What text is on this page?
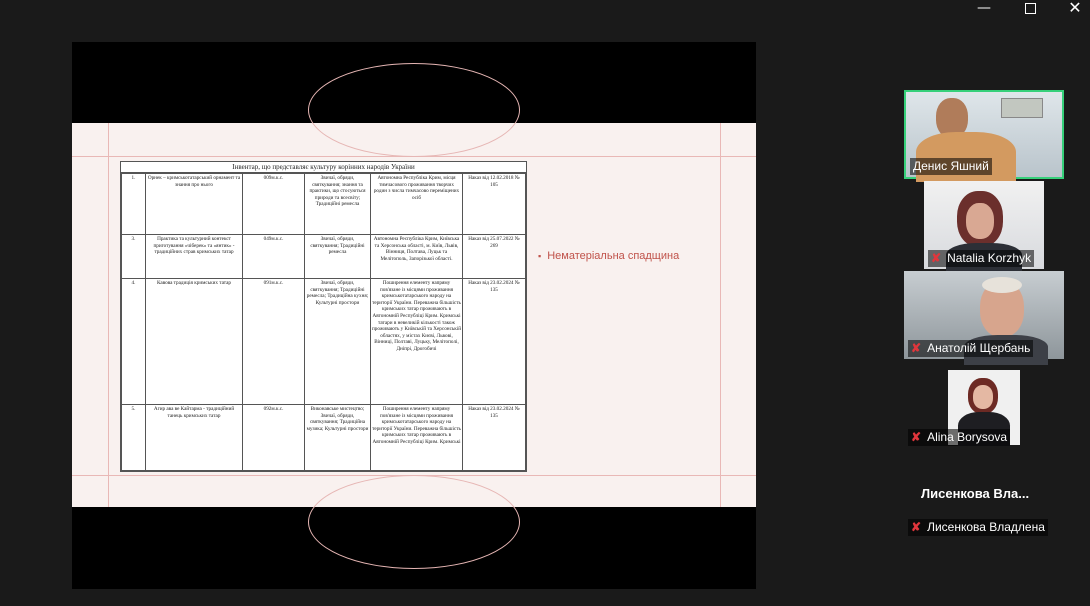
—	✕
Інвентар, що представляє культуру корінних народів України
1.	Орнек – кримськотатарський орнамент та знання про нього	009м.к.с.	Звичаї, обряди, святкування; знання та практики, що стосуються природи та всесвіту; Традиційні ремесла	Автономна Республіка Крим, місця тимчасового проживання творчих родин з числа тимчасово переміщених осіб	Наказ від 12.02.2018 № 105
3.	Практика та культурний контекст приготування «чіберек» та «янтик» - традиційних страв кримських татар	049м.к.с.	Звичаї, обряди, святкування; Традиційні ремесла	Автономна Республіка Крим, Київська та Херсонська області, м. Київ, Львів, Вінниця, Полтава, Луцьк та Мелітополь, Запорізької області.	Наказ від 25.07.2022 № 269
4.	Кавова традиція кримських татар	091м.к.с.	Звичаї, обряди, святкування; Традиційні ремесла; Традиційна кухня; Культурні простори	Поширення елементу напряму пов'язане із місцями проживання кримськотатарського народу на території України. Переважна більшість кримських татар проживають в Автономній Республіці Крим. Кримські татари в невеликій кількості також проживають у Київській та Херсонській областях, у містах Києві, Львові, Вінниці, Полтаві, Луцьку, Мелітополі, Дніпрі, Дрогобичі	Наказ від 23.02.2024 № 135
5.	Агир ава ве Кайтарма - традиційний танець кримських татар	092м.к.с.	Виконавське мистецтво; Звичаї, обряди, святкування; Традиційна музика; Культурні простори	Поширення елементу напряму пов'язане із місцями проживання кримськотатарського народу на території України. Переважна більшість кримських татар проживають в Автономній Республіці Крим. Кримські	Наказ від 23.02.2024 № 135
▪ Нематеріальна спадщина
Денис Яшний
✘ Natalia Korzhyk
✘ Анатолій Щербань
✘ Alina Borysova
Лисенкова Вла...
✘ Лисенкова Владлена
